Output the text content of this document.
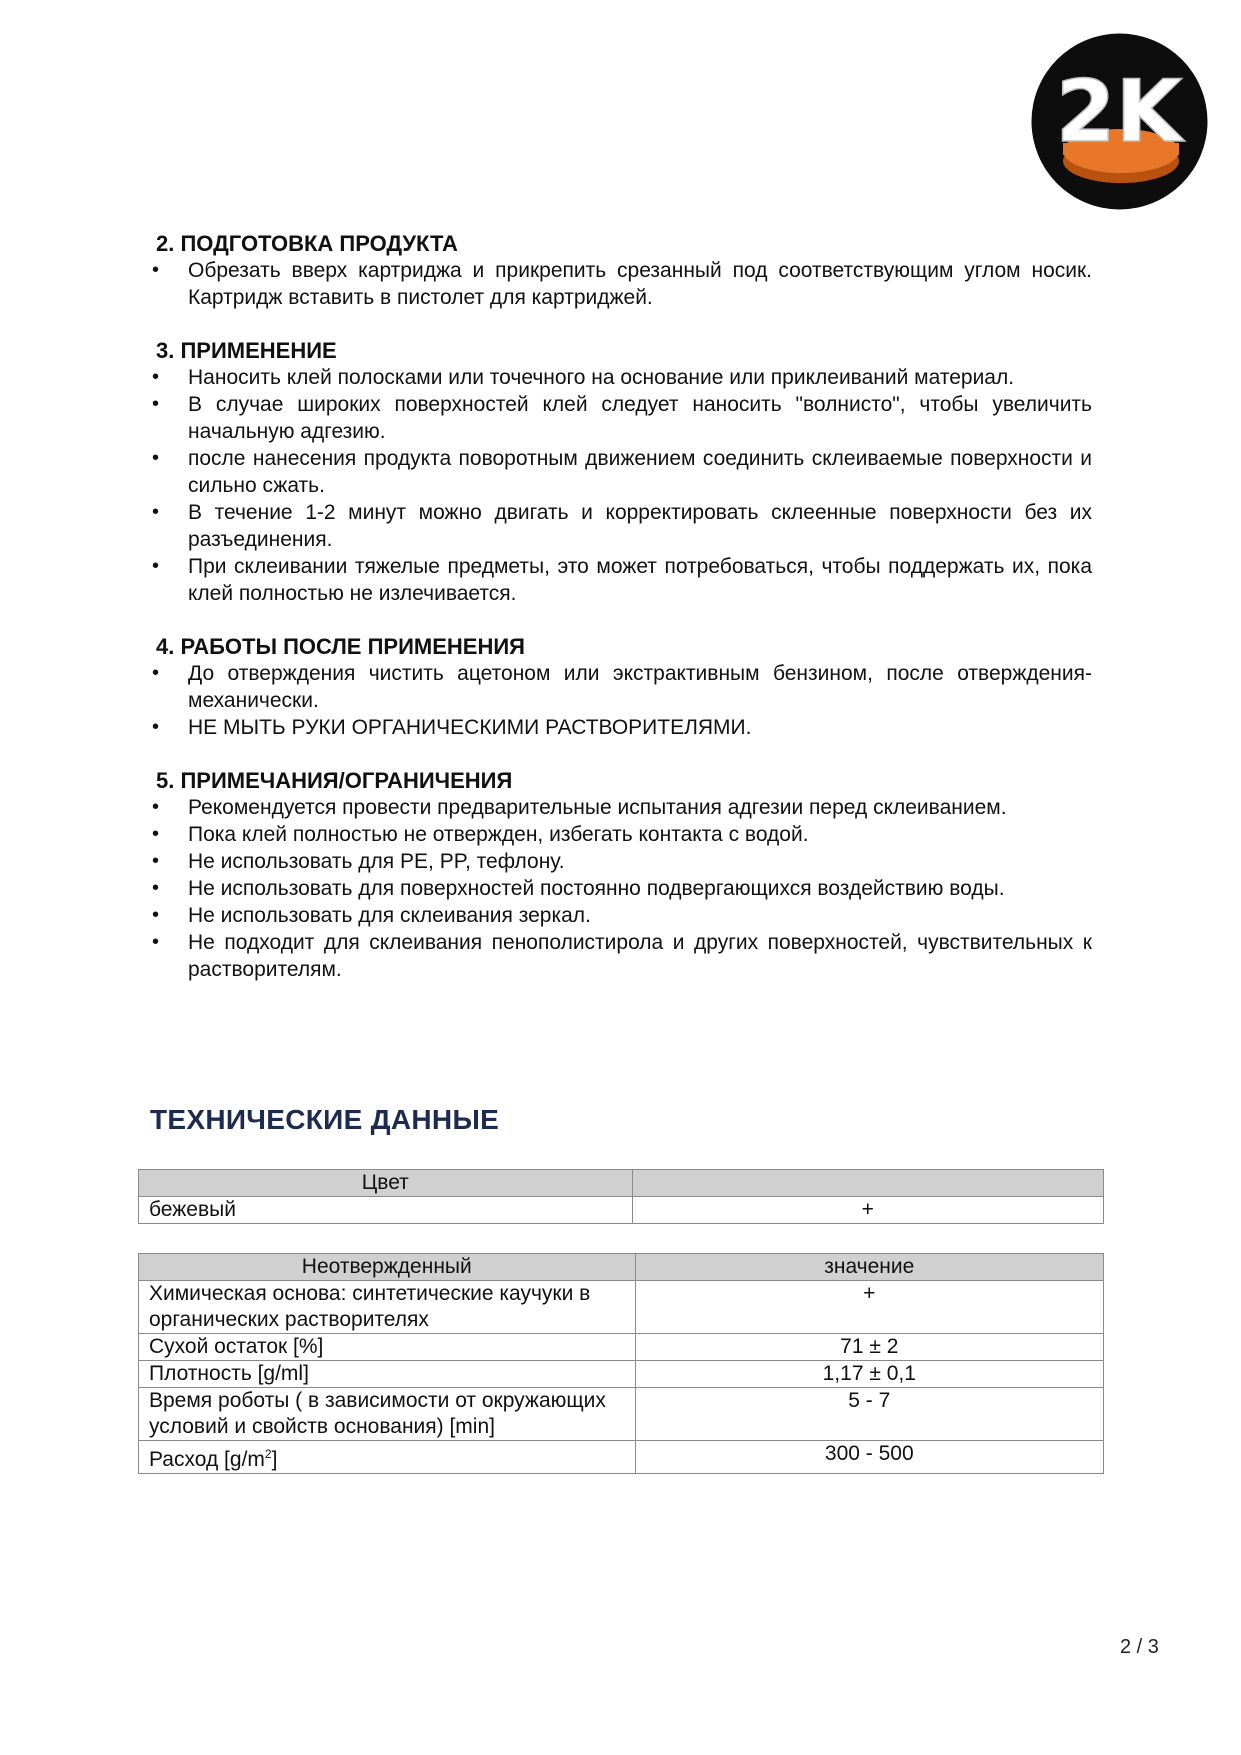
2K
2. ПОДГОТОВКА ПРОДУКТА
• Обрезать вверх картриджа и прикрепить срезанный под соответствующим углом носик. Картридж вставить в пистолет для картриджей.
3. ПРИМЕНЕНИЕ
• Наносить клей полосками или точечного на основание или приклеиваний материал.
• В случае широких поверхностей клей следует наносить "волнисто", чтобы увеличить начальную адгезию.
• после нанесения продукта поворотным движением соединить склеиваемые поверхности и сильно сжать.
• В течение 1-2 минут можно двигать и корректировать склеенные поверхности без их разъединения.
• При склеивании тяжелые предметы, это может потребоваться, чтобы поддержать их, пока клей полностью не излечивается.
4. РАБОТЫ ПОСЛЕ ПРИМЕНЕНИЯ
• До отверждения чистить ацетоном или экстрактивным бензином, после отверждения-механически.
• НЕ МЫТЬ РУКИ ОРГАНИЧЕСКИМИ РАСТВОРИТЕЛЯМИ.
5. ПРИМЕЧАНИЯ/ОГРАНИЧЕНИЯ
• Рекомендуется провести предварительные испытания адгезии перед склеиванием.
• Пока клей полностью не отвержден, избегать контакта с водой.
• Не использовать для PE, PP, тефлону.
• Не использовать для поверхностей постоянно подвергающихся воздействию воды.
• Не использовать для склеивания зеркал.
• Не подходит для склеивания пенополистирола и других поверхностей, чувствительных к растворителям.
ТЕХНИЧЕСКИЕ ДАННЫЕ
Цвет	
бежевый	+
Неотвержденный	значение
Химическая основа: синтетические каучуки в органических растворителях	+
Сухой остаток [%]	71 ± 2
Плотность [g/ml]	1,17 ± 0,1
Время роботы ( в зависимости от окружающих условий и свойств основания) [min]	5 - 7
Расход $[g/m^2]$	300 - 500
2 / 3
